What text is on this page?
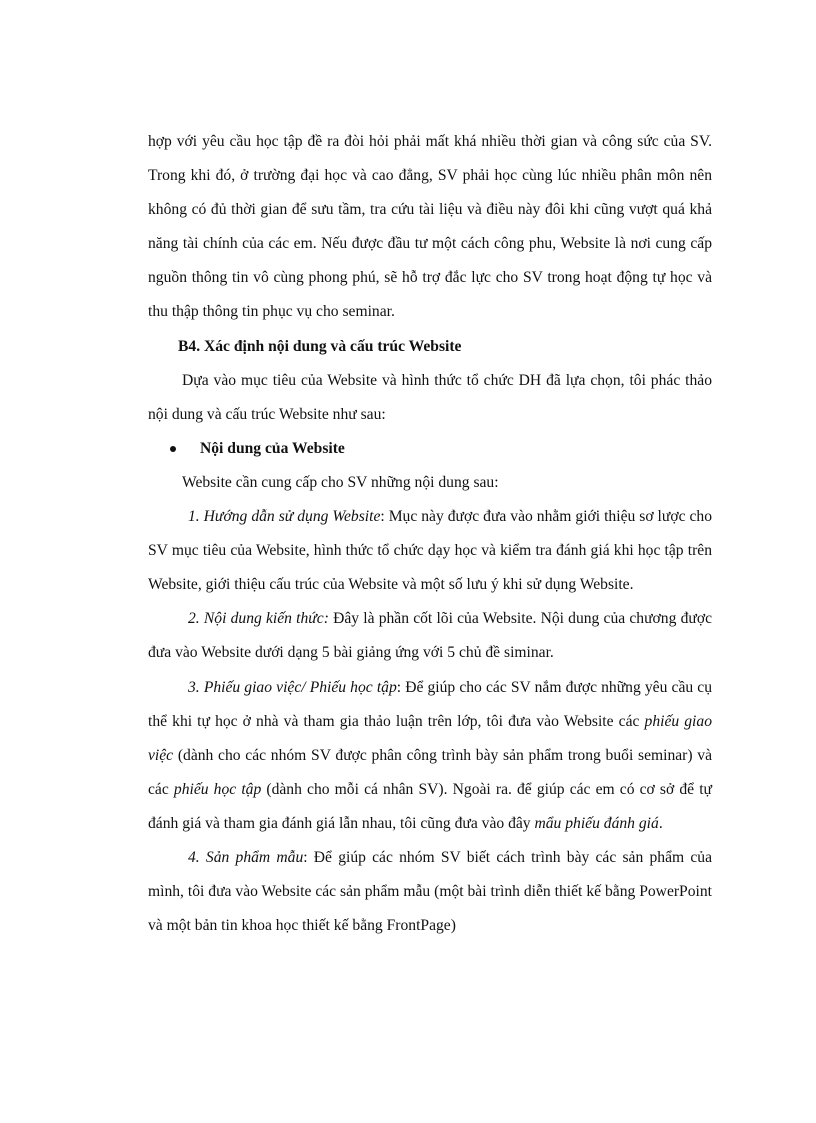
hợp với yêu cầu học tập đề ra đòi hỏi phải mất khá nhiều thời gian và công sức của SV. Trong khi đó, ở trường đại học và cao đẳng, SV phải học cùng lúc nhiều phân môn nên không có đủ thời gian để sưu tầm, tra cứu tài liệu và điều này đôi khi cũng vượt quá khả năng tài chính của các em. Nếu được đầu tư một cách công phu, Website là nơi cung cấp nguồn thông tin vô cùng phong phú, sẽ hỗ trợ đắc lực cho SV trong hoạt động tự học và thu thập thông tin phục vụ cho seminar.

B4. Xác định nội dung và cấu trúc Website

Dựa vào mục tiêu của Website và hình thức tổ chức DH đã lựa chọn, tôi phác thảo nội dung và cấu trúc Website như sau:

Nội dung của Website

Website cần cung cấp cho SV những nội dung sau:

1. Hướng dẫn sử dụng Website: Mục này được đưa vào nhằm giới thiệu sơ lược cho SV mục tiêu của Website, hình thức tổ chức dạy học và kiểm tra đánh giá khi học tập trên Website, giới thiệu cấu trúc của Website và một số lưu ý khi sử dụng Website.

2. Nội dung kiến thức: Đây là phần cốt lõi của Website. Nội dung của chương được đưa vào Website dưới dạng 5 bài giảng ứng với 5 chủ đề siminar.

3. Phiếu giao việc/ Phiếu học tập: Để giúp cho các SV nắm được những yêu cầu cụ thể khi tự học ở nhà và tham gia thảo luận trên lớp, tôi đưa vào Website các phiếu giao việc (dành cho các nhóm SV được phân công trình bày sản phẩm trong buổi seminar) và các phiếu học tập (dành cho mỗi cá nhân SV). Ngoài ra. để giúp các em có cơ sở để tự đánh giá và tham gia đánh giá lẫn nhau, tôi cũng đưa vào đây mẩu phiếu đánh giá.

4. Sản phẩm mẫu: Để giúp các nhóm SV biết cách trình bày các sản phẩm của mình, tôi đưa vào Website các sản phẩm mẫu (một bài trình diễn thiết kế bằng PowerPoint và một bản tin khoa học thiết kế bằng FrontPage)
